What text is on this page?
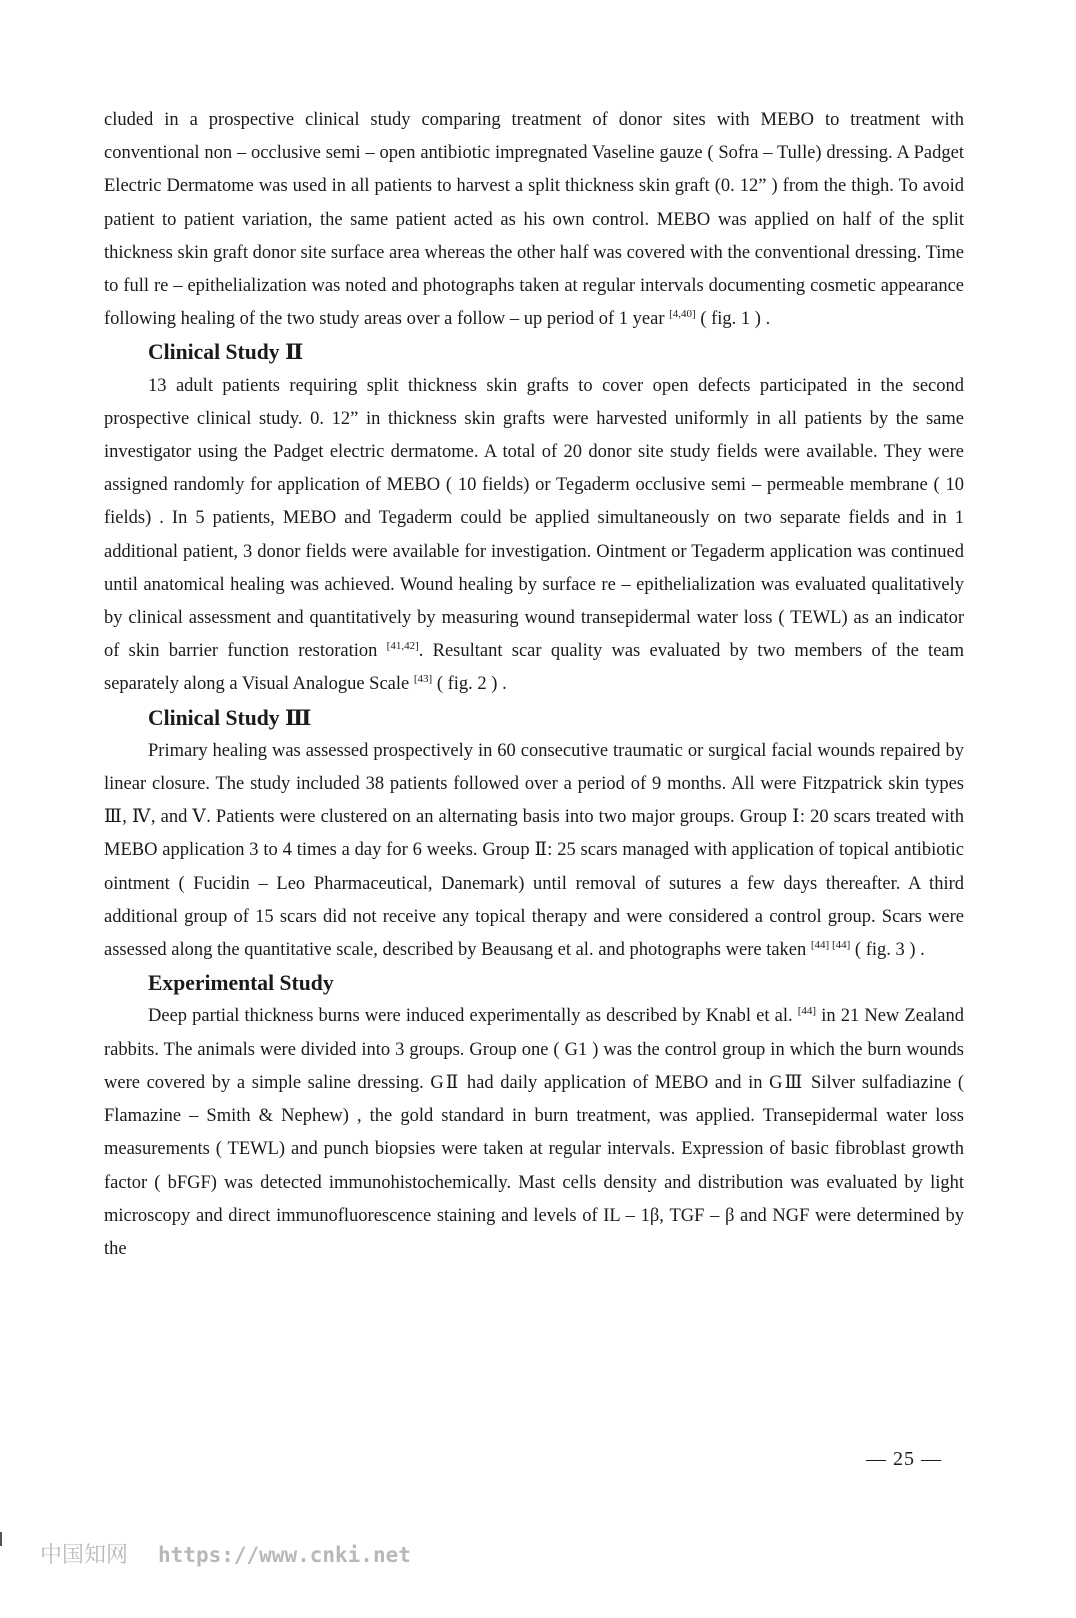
cluded in a prospective clinical study comparing treatment of donor sites with MEBO to treatment with conventional non – occlusive semi – open antibiotic impregnated Vaseline gauze ( Sofra – Tulle) dressing. A Padget Electric Dermatome was used in all patients to harvest a split thickness skin graft (0. 12” ) from the thigh. To avoid patient to patient variation, the same patient acted as his own control. MEBO was applied on half of the split thickness skin graft donor site surface area whereas the other half was covered with the conventional dressing. Time to full re – epithelialization was noted and photographs taken at regular intervals documenting cosmetic appearance following healing of the two study areas over a follow – up period of 1 year [4,40] ( fig. 1 ) .

Clinical Study Ⅱ

13 adult patients requiring split thickness skin grafts to cover open defects participated in the second prospective clinical study. 0. 12” in thickness skin grafts were harvested uniformly in all patients by the same investigator using the Padget electric dermatome. A total of 20 donor site study fields were available. They were assigned randomly for application of MEBO ( 10 fields) or Tegaderm occlusive semi – permeable membrane ( 10 fields) . In 5 patients, MEBO and Tegaderm could be applied simultaneously on two separate fields and in 1 additional patient, 3 donor fields were available for investigation. Ointment or Tegaderm application was continued until anatomical healing was achieved. Wound healing by surface re – epithelialization was evaluated qualitatively by clinical assessment and quantitatively by measuring wound transepidermal water loss ( TEWL) as an indicator of skin barrier function restoration [41,42]. Resultant scar quality was evaluated by two members of the team separately along a Visual Analogue Scale [43] ( fig. 2 ) .

Clinical Study Ⅲ

Primary healing was assessed prospectively in 60 consecutive traumatic or surgical facial wounds repaired by linear closure. The study included 38 patients followed over a period of 9 months. All were Fitzpatrick skin types Ⅲ, Ⅳ, and Ⅴ. Patients were clustered on an alternating basis into two major groups. Group Ⅰ: 20 scars treated with MEBO application 3 to 4 times a day for 6 weeks. Group Ⅱ: 25 scars managed with application of topical antibiotic ointment ( Fucidin – Leo Pharmaceutical, Danemark) until removal of sutures a few days thereafter. A third additional group of 15 scars did not receive any topical therapy and were considered a control group. Scars were assessed along the quantitative scale, described by Beausang et al. and photographs were taken [44] [44] ( fig. 3 ) .

Experimental Study

Deep partial thickness burns were induced experimentally as described by Knabl et al. [44] in 21 New Zealand rabbits. The animals were divided into 3 groups. Group one ( G1 ) was the control group in which the burn wounds were covered by a simple saline dressing. GⅡ had daily application of MEBO and in GⅢ Silver sulfadiazine ( Flamazine – Smith & Nephew) , the gold standard in burn treatment, was applied. Transepidermal water loss measurements ( TEWL) and punch biopsies were taken at regular intervals. Expression of basic fibroblast growth factor ( bFGF) was detected immunohistochemically. Mast cells density and distribution was evaluated by light microscopy and direct immunofluorescence staining and levels of IL – 1β, TGF – β and NGF were determined by the

— 25 —
中国知网 https://www.cnki.net
